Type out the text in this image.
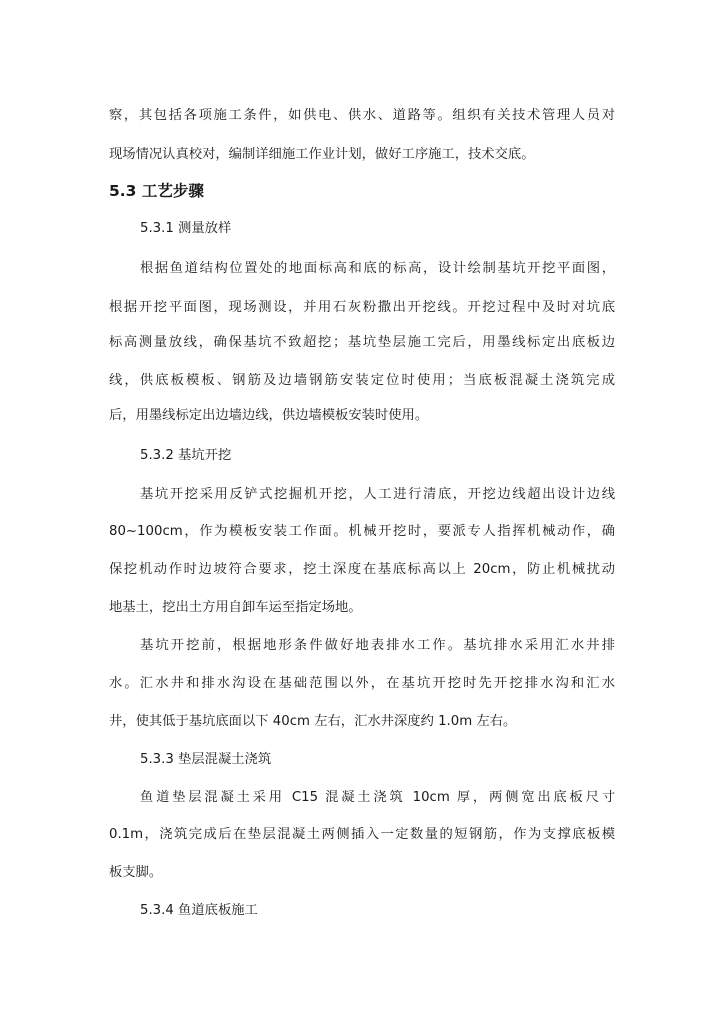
察，其包括各项施工条件，如供电、供水、道路等。组织有关技术管理人员对
现场情况认真校对，编制详细施工作业计划，做好工序施工，技术交底。
5.3 工艺步骤
5.3.1 测量放样
根据鱼道结构位置处的地面标高和底的标高，设计绘制基坑开挖平面图，
根据开挖平面图，现场测设，并用石灰粉撒出开挖线。开挖过程中及时对坑底
标高测量放线，确保基坑不致超挖；基坑垫层施工完后，用墨线标定出底板边
线，供底板模板、钢筋及边墙钢筋安装定位时使用；当底板混凝土浇筑完成
后，用墨线标定出边墙边线，供边墙模板安装时使用。
5.3.2 基坑开挖
基坑开挖采用反铲式挖掘机开挖，人工进行清底，开挖边线超出设计边线
80~100cm，作为模板安装工作面。机械开挖时，要派专人指挥机械动作，确
保挖机动作时边坡符合要求，挖土深度在基底标高以上 20cm，防止机械扰动
地基土，挖出土方用自卸车运至指定场地。
基坑开挖前，根据地形条件做好地表排水工作。基坑排水采用汇水井排
水。汇水井和排水沟设在基础范围以外，在基坑开挖时先开挖排水沟和汇水
井，使其低于基坑底面以下 40cm 左右，汇水井深度约 1.0m 左右。
5.3.3 垫层混凝土浇筑
鱼道垫层混凝土采用 C15 混凝土浇筑 10cm 厚，两侧宽出底板尺寸
0.1m，浇筑完成后在垫层混凝土两侧插入一定数量的短钢筋，作为支撑底板模
板支脚。
5.3.4 鱼道底板施工
